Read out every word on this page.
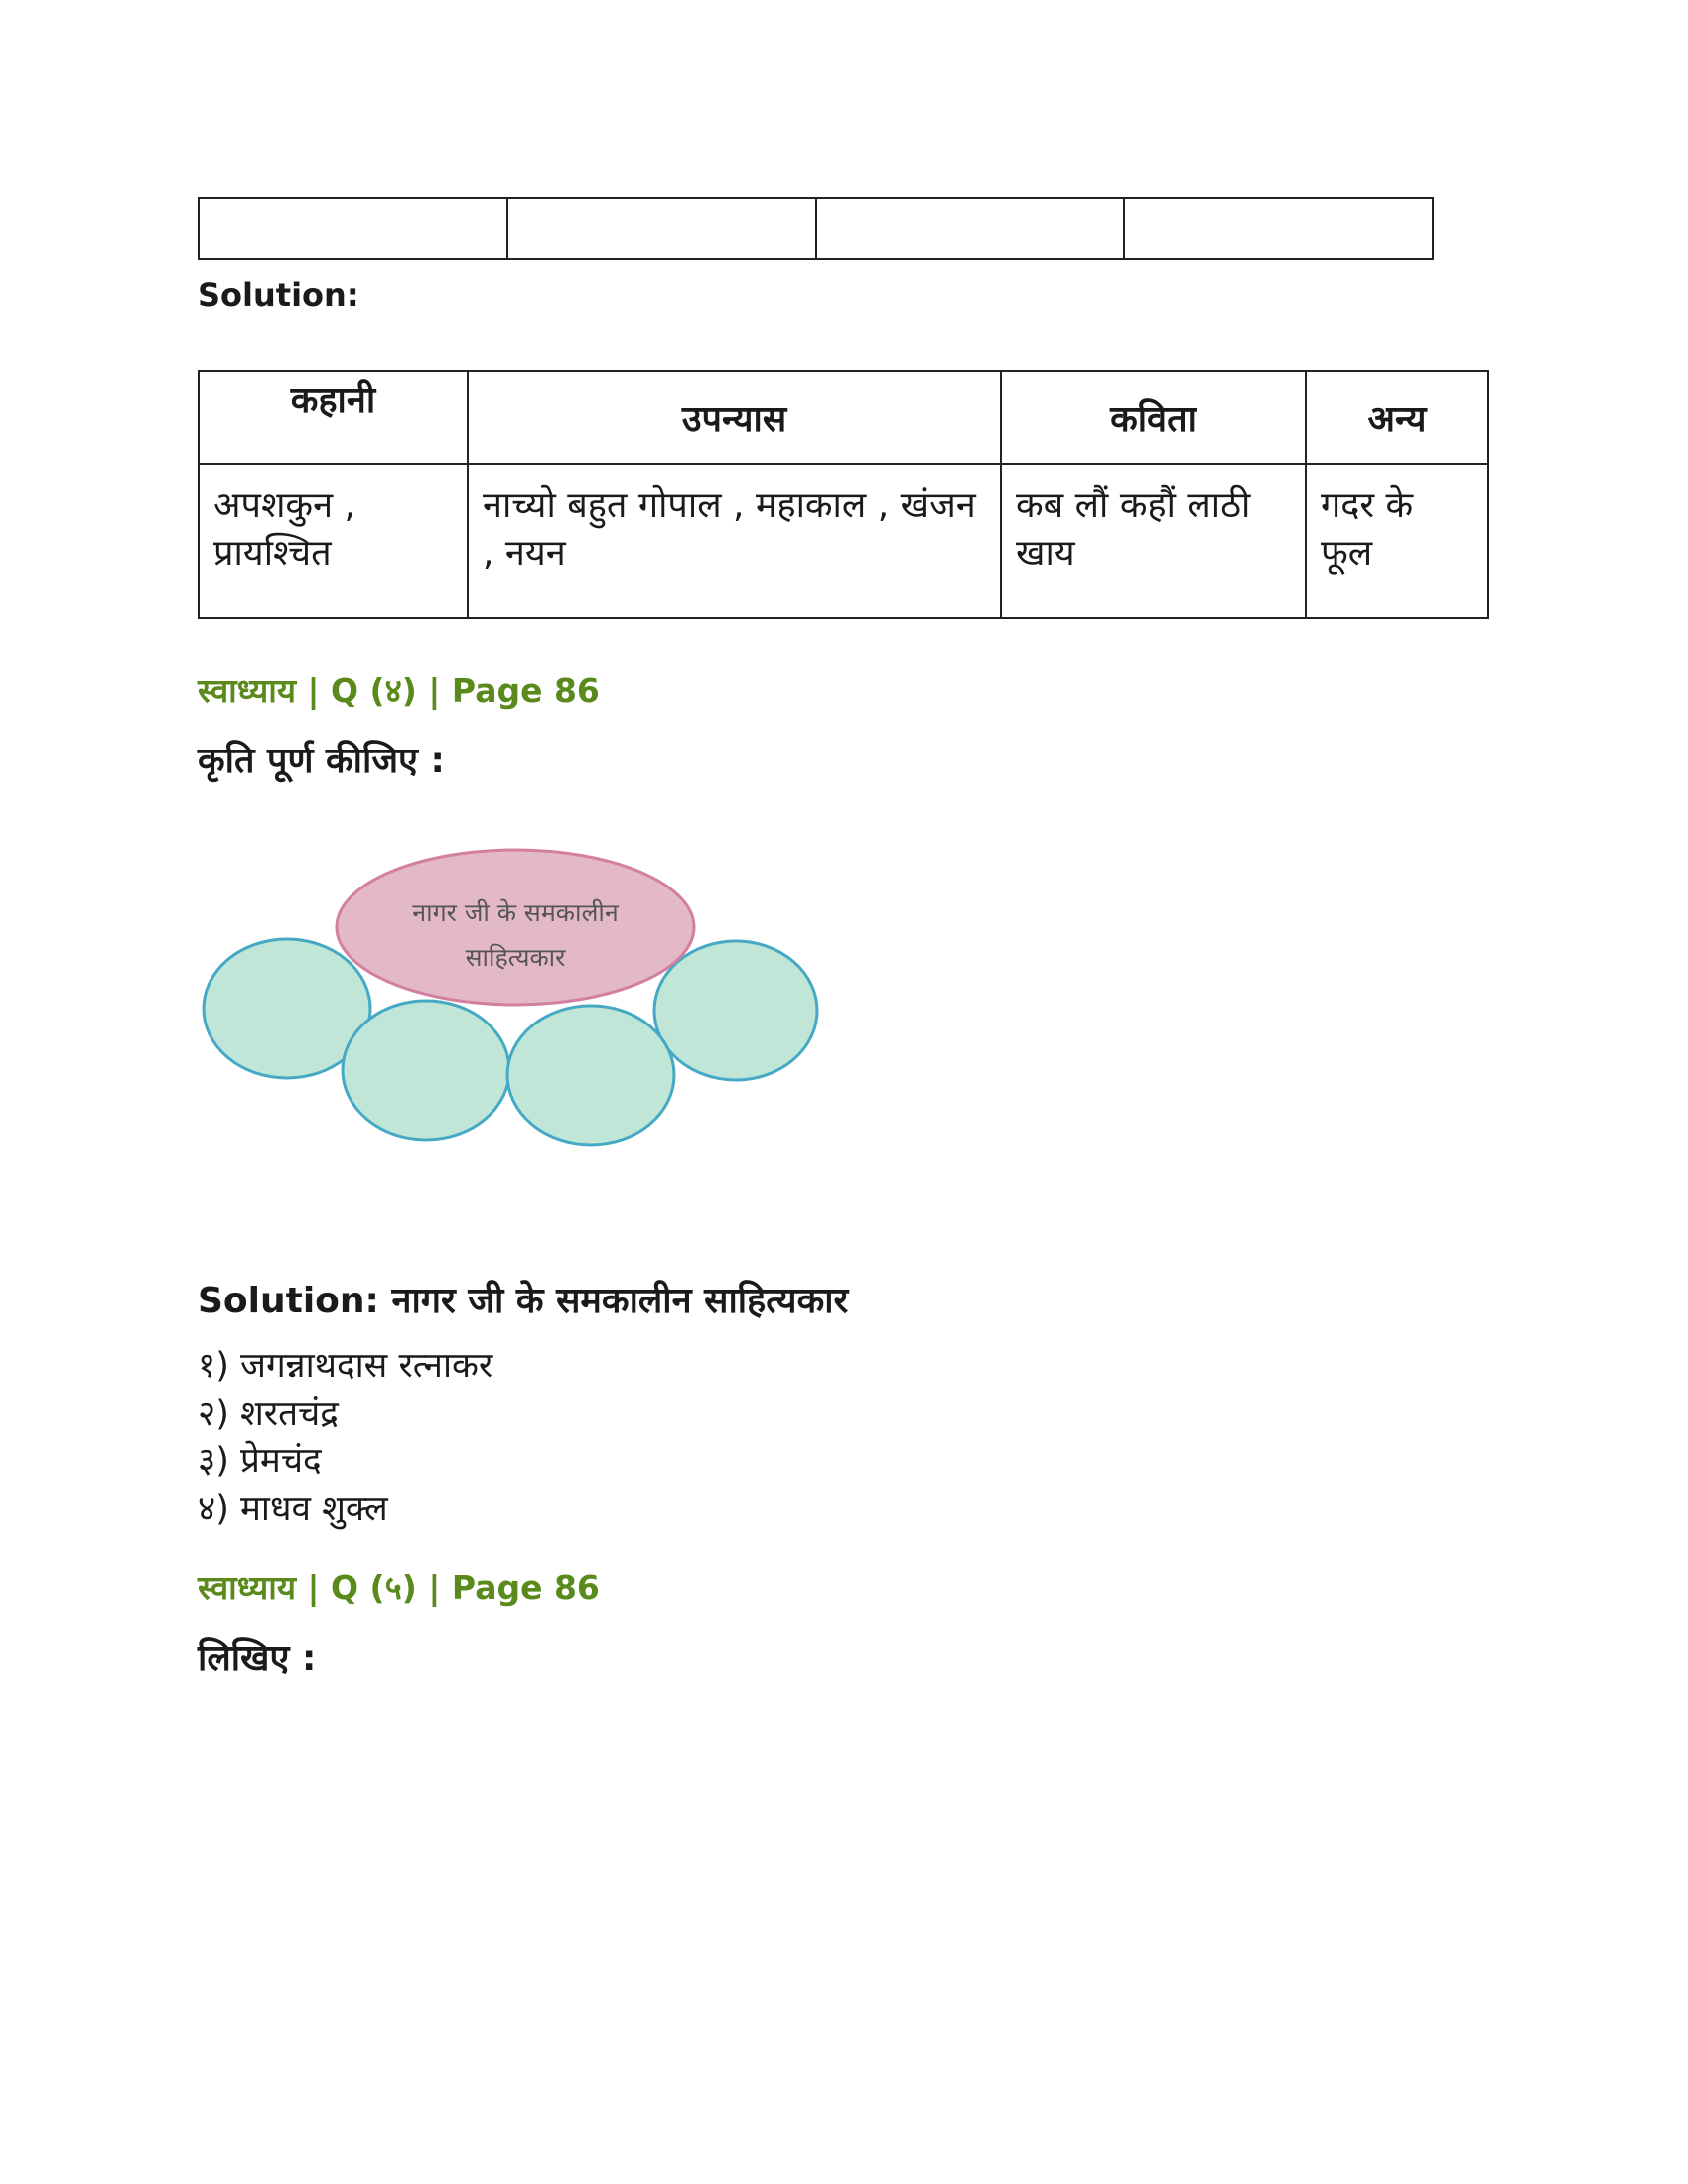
Solution:
कहानी	उपन्यास	कविता	अन्य
अपशकुन , प्रायश्चित	नाच्यो बहुत गोपाल , महाकाल , खंजन , नयन	कब लौं कहौं लाठी खाय	गदर के फूल
स्वाध्याय | Q (४) | Page 86
कृति पूर्ण कीजिए :
नागर जी के समकालीन
साहित्यकार
Solution: नागर जी के समकालीन साहित्यकार
१) जगन्नाथदास रत्नाकर
२) शरतचंद्र
३) प्रेमचंद
४) माधव शुक्ल
स्वाध्याय | Q (५) | Page 86
लिखिए :
